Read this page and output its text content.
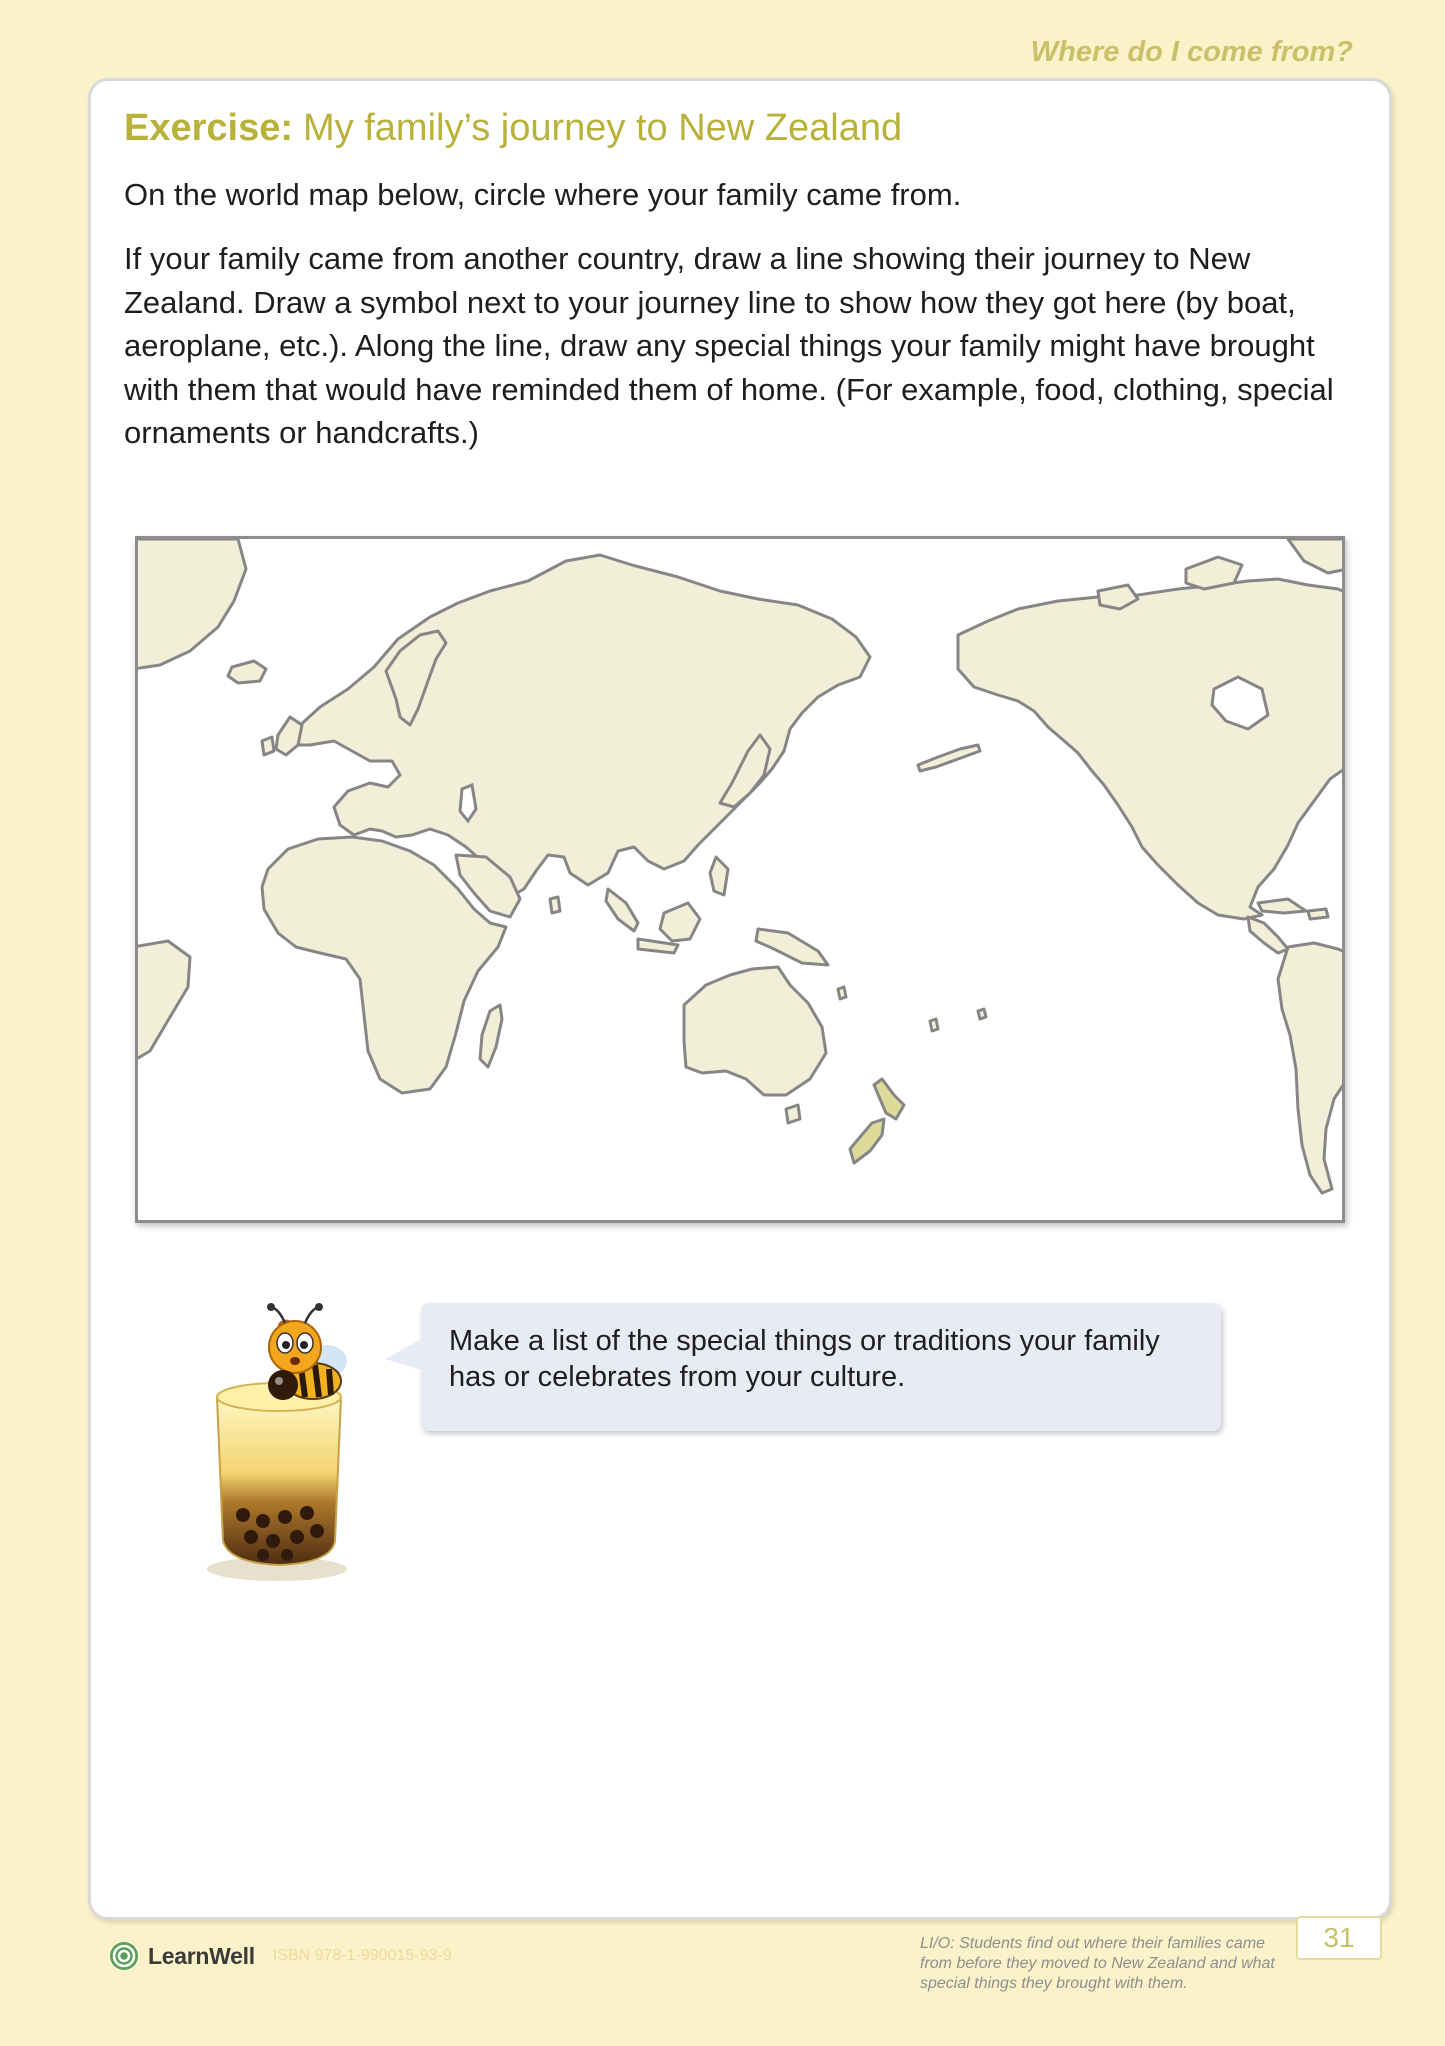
Where do I come from?
Exercise: My family’s journey to New Zealand

On the world map below, circle where your family came from.

If your family came from another country, draw a line showing their journey to New Zealand. Draw a symbol next to your journey line to show how they got here (by boat, aeroplane, etc.). Along the line, draw any special things your family might have brought with them that would have reminded them of home. (For example, food, clothing, special ornaments or handcrafts.)

Make a list of the special things or traditions your family has or celebrates from your culture.

LearnWell ISBN 978-1-990015-93-9

LI/O: Students find out where their families came from before they moved to New Zealand and what special things they brought with them.

31
